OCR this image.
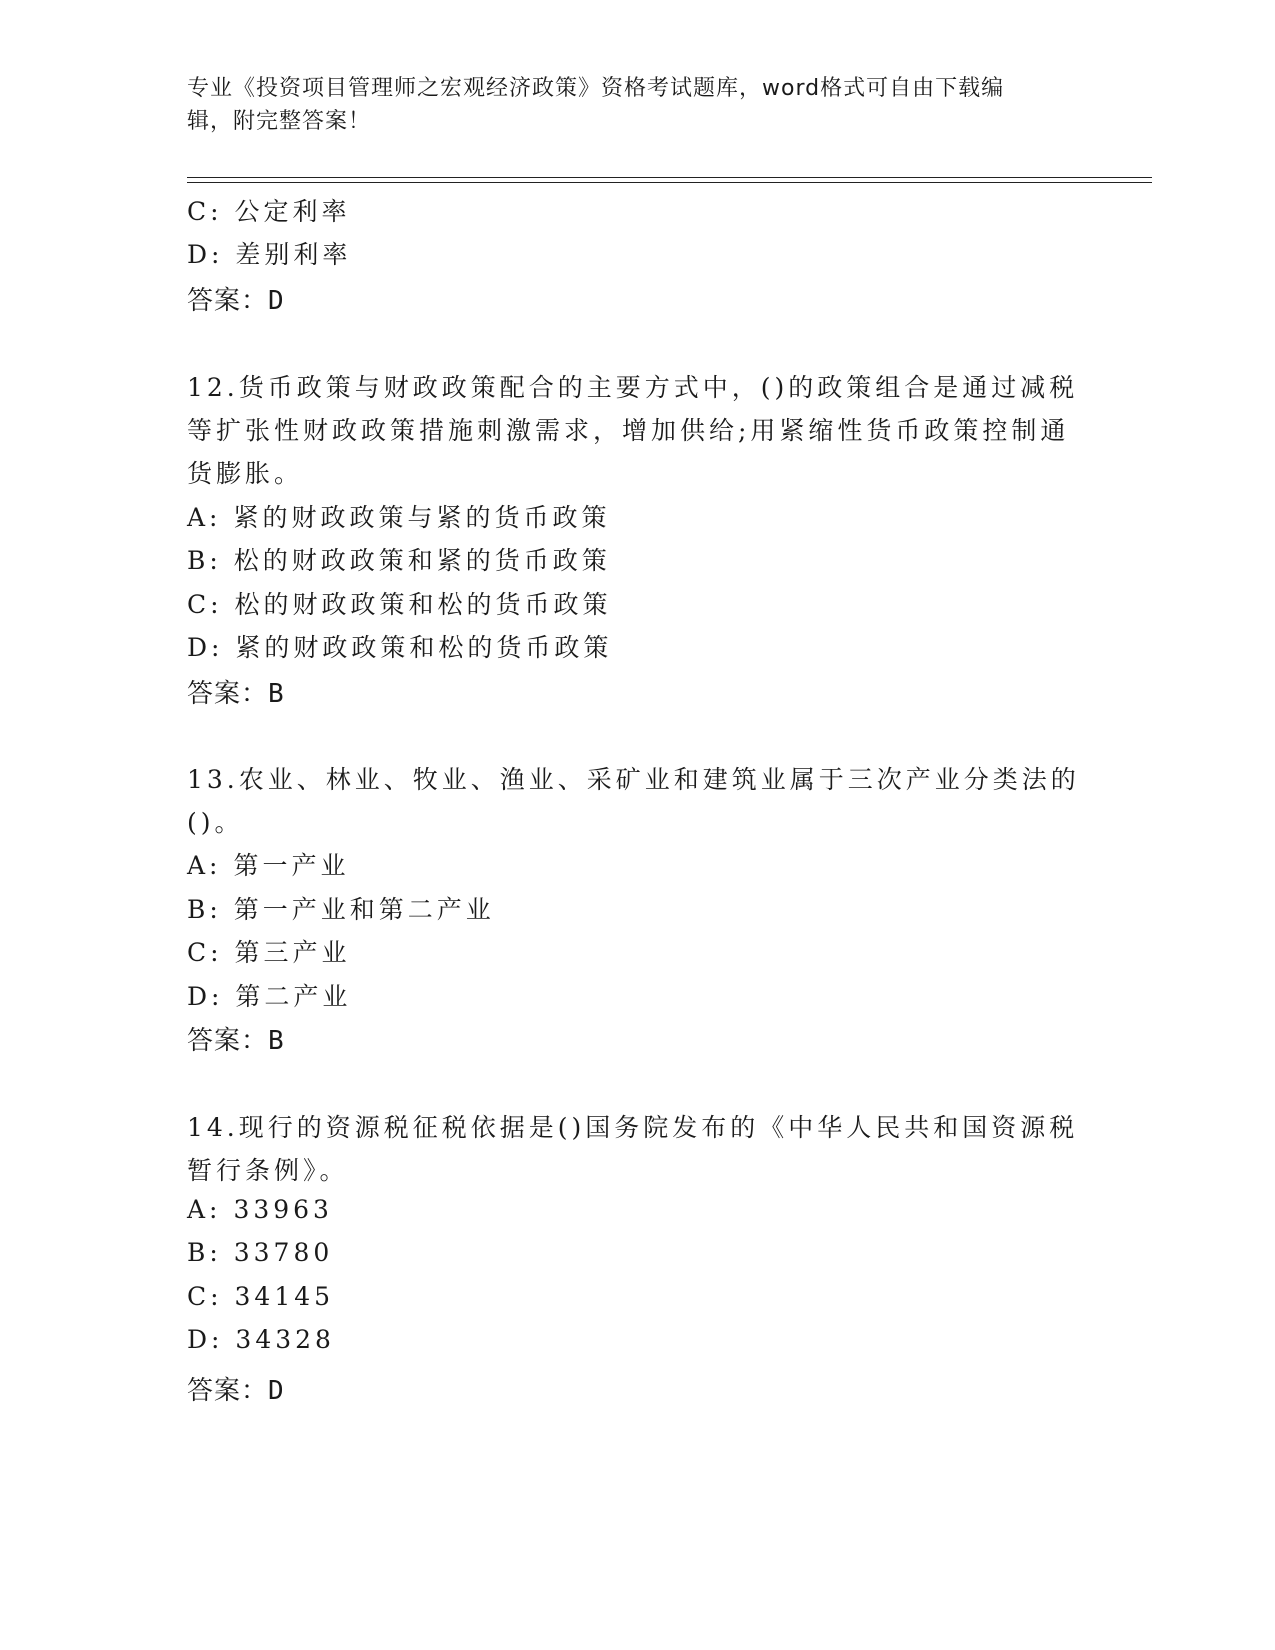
专业《投资项目管理师之宏观经济政策》资格考试题库，word格式可自由下载编
辑，附完整答案！
C: 公定利率
D: 差别利率
答案：D
12.货币政策与财政政策配合的主要方式中，()的政策组合是通过减税
等扩张性财政政策措施刺激需求，增加供给;用紧缩性货币政策控制通
货膨胀。
A: 紧的财政政策与紧的货币政策
B: 松的财政政策和紧的货币政策
C: 松的财政政策和松的货币政策
D: 紧的财政政策和松的货币政策
答案：B
13.农业、林业、牧业、渔业、采矿业和建筑业属于三次产业分类法的
()。
A: 第一产业
B: 第一产业和第二产业
C: 第三产业
D: 第二产业
答案：B
14.现行的资源税征税依据是()国务院发布的《中华人民共和国资源税
暂行条例》。
A: 33963
B: 33780
C: 34145
D: 34328
答案：D
